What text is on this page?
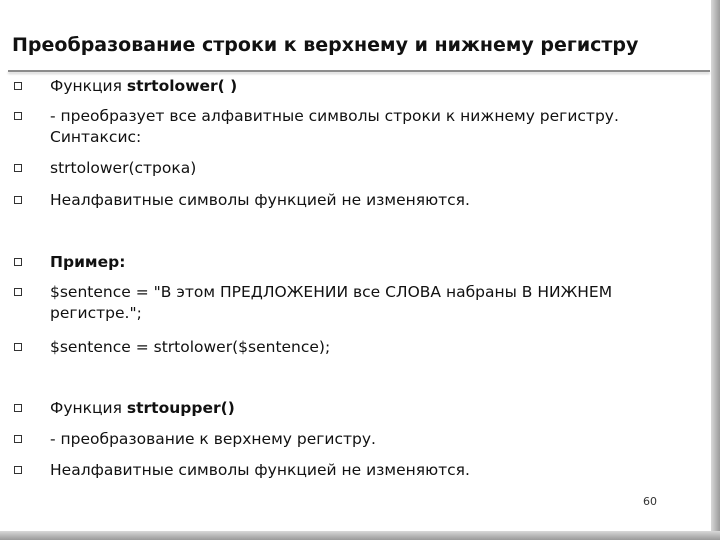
Преобразование строки к верхнему и нижнему регистру
Функция strtolower( )
- преобразует все алфавитные символы строки к нижнему регистру. Синтаксис:
strtolower(строка)
Неалфавитные символы функцией не изменяются.
Пример:
$sentence = "В этом ПРЕДЛОЖЕНИИ все СЛОВА набраны В НИЖНЕМ регистре.";
$sentence = strtolower($sentence);
Функция strtoupper()
- преобразование к верхнему регистру.
Неалфавитные символы функцией не изменяются.
60
